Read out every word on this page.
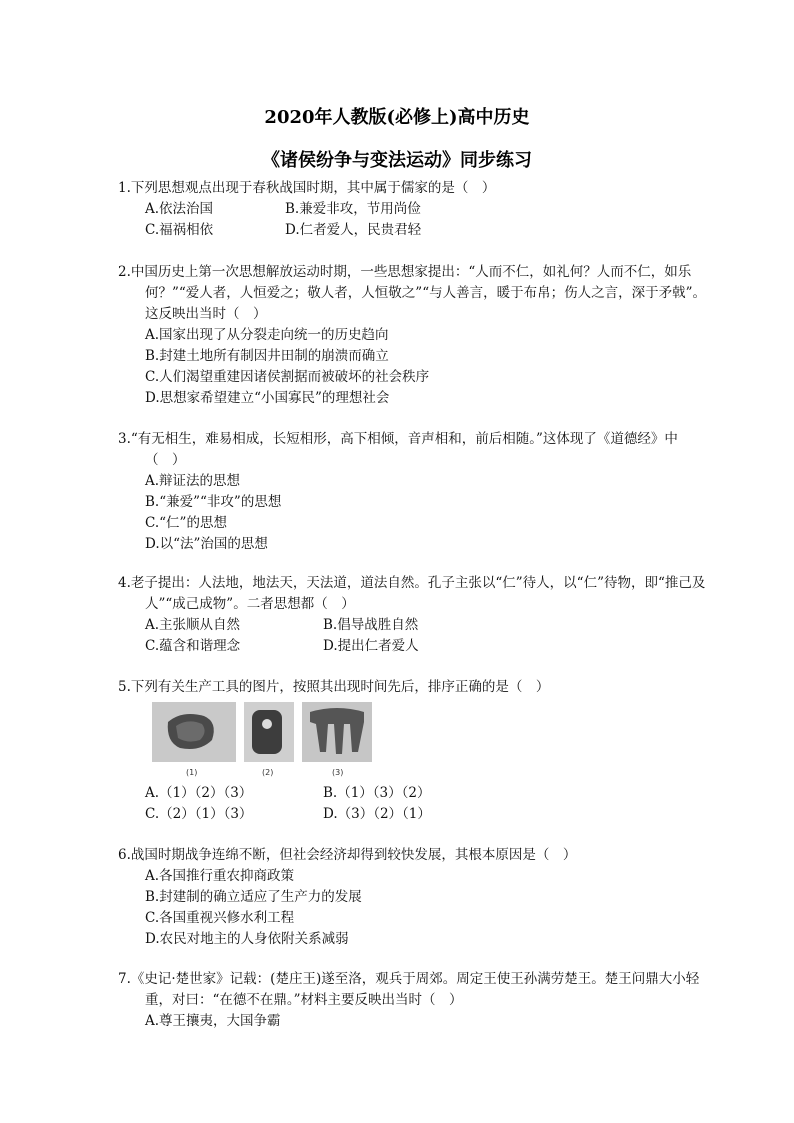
2020年人教版(必修上)高中历史
《诸侯纷争与变法运动》同步练习

1.下列思想观点出现于春秋战国时期，其中属于儒家的是（　）

A.依法治国	B.兼爱非攻，节用尚俭
C.福祸相依	D.仁者爱人，民贵君轻

2.中国历史上第一次思想解放运动时期，一些思想家提出：“人而不仁，如礼何？人而不仁，如乐何？”“爱人者，人恒爱之；敬人者，人恒敬之”“与人善言，暖于布帛；伤人之言，深于矛戟”。这反映出当时（　）

A.国家出现了从分裂走向统一的历史趋向

B.封建土地所有制因井田制的崩溃而确立

C.人们渴望重建因诸侯割据而被破坏的社会秩序

D.思想家希望建立“小国寡民”的理想社会

3.“有无相生，难易相成，长短相形，高下相倾，音声相和，前后相随。”这体现了《道德经》中（　）

A.辩证法的思想

B.“兼爱”“非攻”的思想

C.“仁”的思想

D.以“法”治国的思想

4.老子提出：人法地，地法天，天法道，道法自然。孔子主张以“仁”待人，以“仁”待物，即“推己及人”“成己成物”。二者思想都（　）

A.主张顺从自然	B.倡导战胜自然
C.蕴含和谐理念	D.提出仁者爱人

5.下列有关生产工具的图片，按照其出现时间先后，排序正确的是（　）

(1)	(2)	(3)
A.（1）（2）（3）	B.（1）（3）（2）
C.（2）（1）（3）	D.（3）（2）（1）

6.战国时期战争连绵不断，但社会经济却得到较快发展，其根本原因是（　）

A.各国推行重农抑商政策

B.封建制的确立适应了生产力的发展

C.各国重视兴修水利工程

D.农民对地主的人身依附关系减弱

7.《史记·楚世家》记载：(楚庄王)遂至洛，观兵于周郊。周定王使王孙满劳楚王。楚王问鼎大小轻重，对曰：“在德不在鼎。”材料主要反映出当时（　）

A.尊王攘夷，大国争霸
